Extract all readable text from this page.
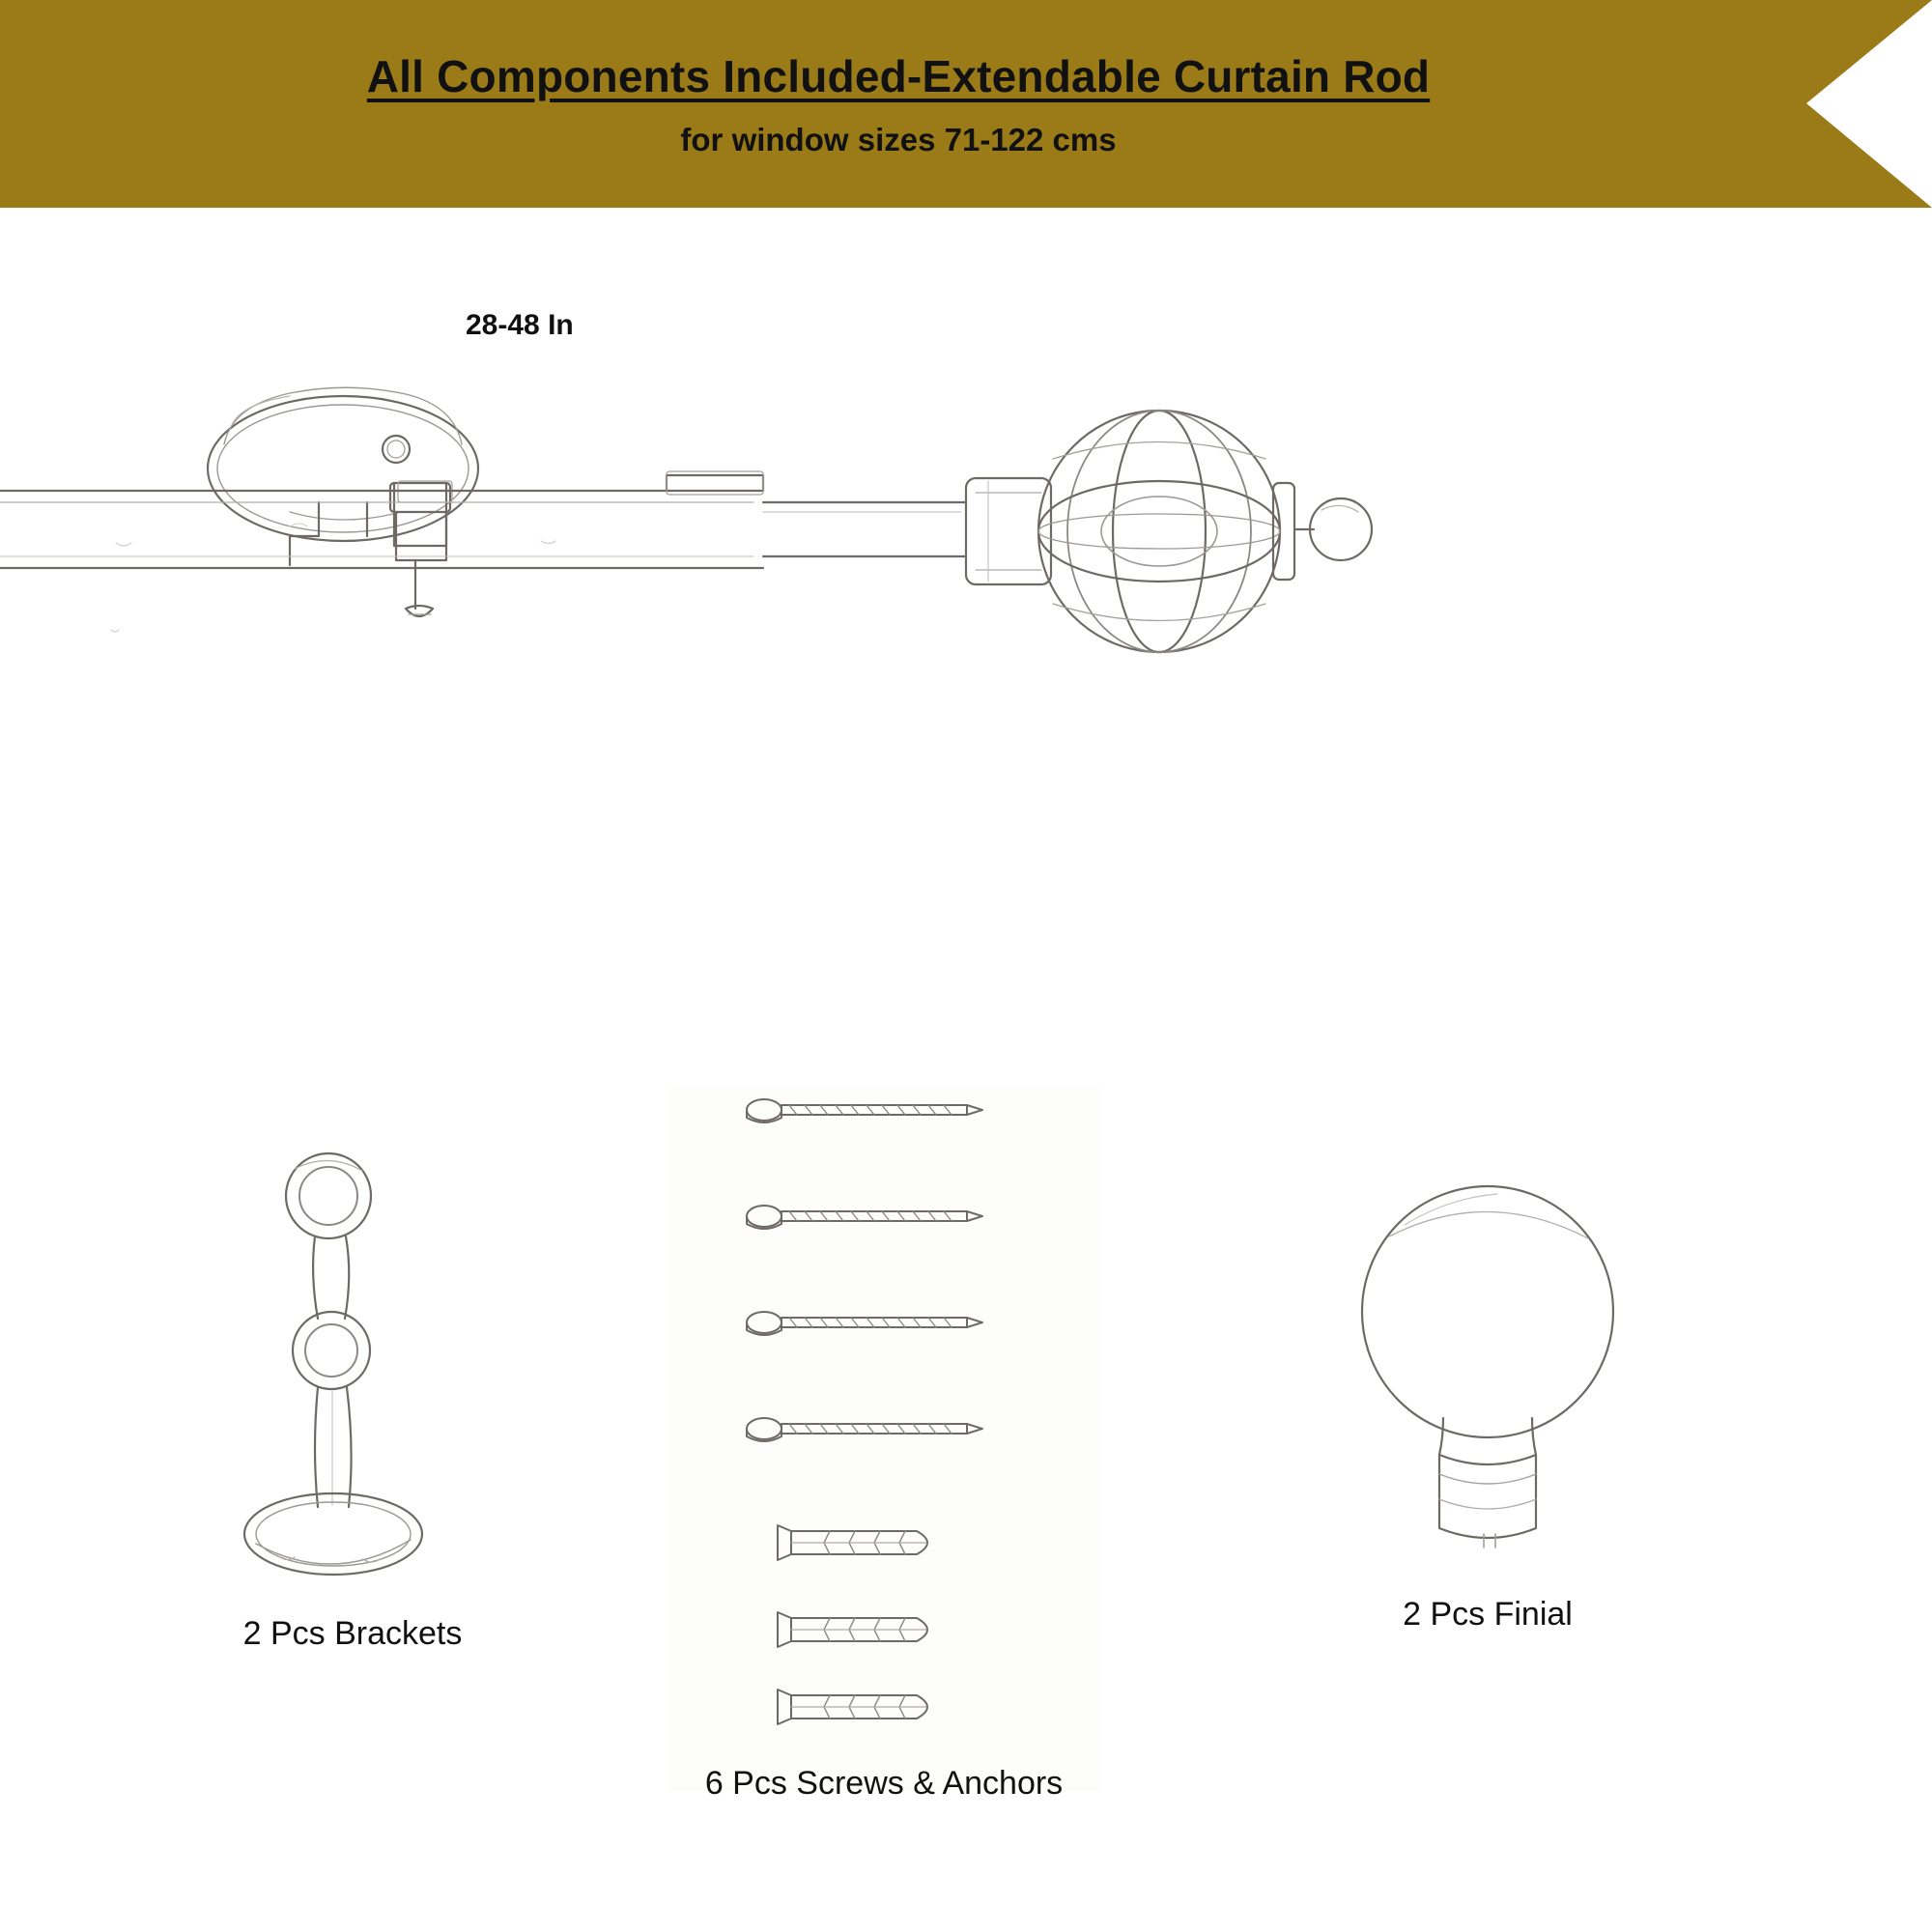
All Components Included-Extendable Curtain Rod
for window sizes 71-122 cms
28-48 In
2 Pcs Brackets
6 Pcs Screws & Anchors
2 Pcs Finial
